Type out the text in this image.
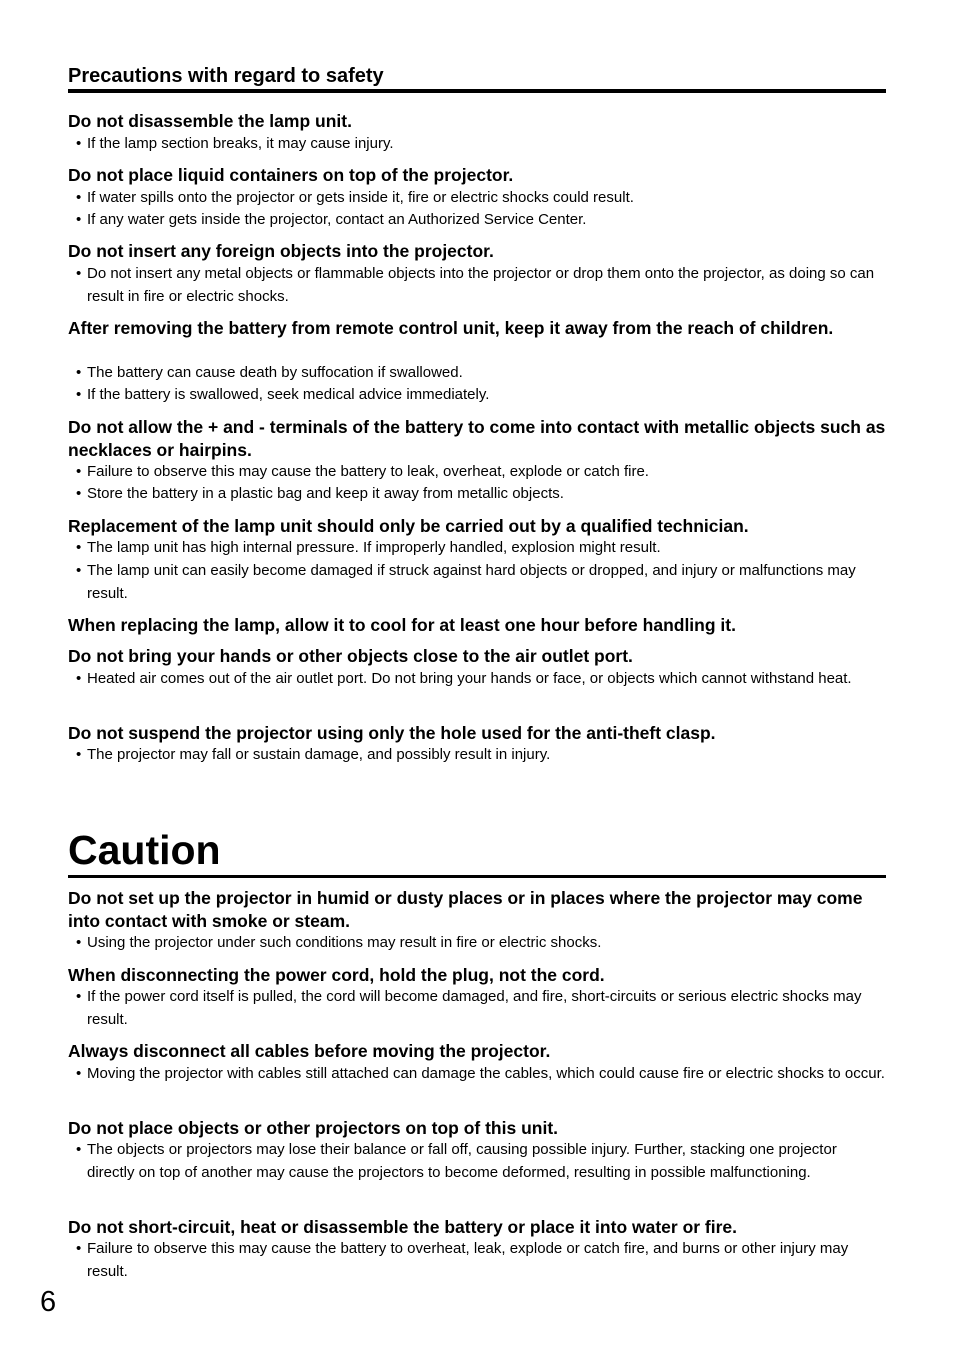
Precautions with regard to safety
Do not disassemble the lamp unit.
• If the lamp section breaks, it may cause injury.
Do not place liquid containers on top of the projector.
• If water spills onto the projector or gets inside it, fire or electric shocks could result.
• If any water gets inside the projector, contact an Authorized Service Center.
Do not insert any foreign objects into the projector.
• Do not insert any metal objects or flammable objects into the projector or drop them onto the projector, as doing so can result in fire or electric shocks.
After removing the battery from remote control unit, keep it away from the reach of children.
• The battery can cause death by suffocation if swallowed.
• If the battery is swallowed, seek medical advice immediately.
Do not allow the + and - terminals of the battery to come into contact with metallic objects such as necklaces or hairpins.
• Failure to observe this may cause the battery to leak, overheat, explode or catch fire.
• Store the battery in a plastic bag and keep it away from metallic objects.
Replacement of the lamp unit should only be carried out by a qualified technician.
• The lamp unit has high internal pressure. If improperly handled, explosion might result.
• The lamp unit can easily become damaged if struck against hard objects or dropped, and injury or malfunctions may result.
When replacing the lamp, allow it to cool for at least one hour before handling it.
Do not bring your hands or other objects close to the air outlet port.
• Heated air comes out of the air outlet port. Do not bring your hands or face, or objects which cannot withstand heat.
Do not suspend the projector using only the hole used for the anti-theft clasp.
• The projector may fall or sustain damage, and possibly result in injury.
Caution
Do not set up the projector in humid or dusty places or in places where the projector may come into contact with smoke or steam.
• Using the projector under such conditions may result in fire or electric shocks.
When disconnecting the power cord, hold the plug, not the cord.
• If the power cord itself is pulled, the cord will become damaged, and fire, short-circuits or serious electric shocks may result.
Always disconnect all cables before moving the projector.
• Moving the projector with cables still attached can damage the cables, which could cause fire or electric shocks to occur.
Do not place objects or other projectors on top of this unit.
• The objects or projectors may lose their balance or fall off, causing possible injury. Further, stacking one projector directly on top of another may cause the projectors to become deformed, resulting in possible malfunctioning.
Do not short-circuit, heat or disassemble the battery or place it into water or fire.
• Failure to observe this may cause the battery to overheat, leak, explode or catch fire, and burns or other injury may result.
6
